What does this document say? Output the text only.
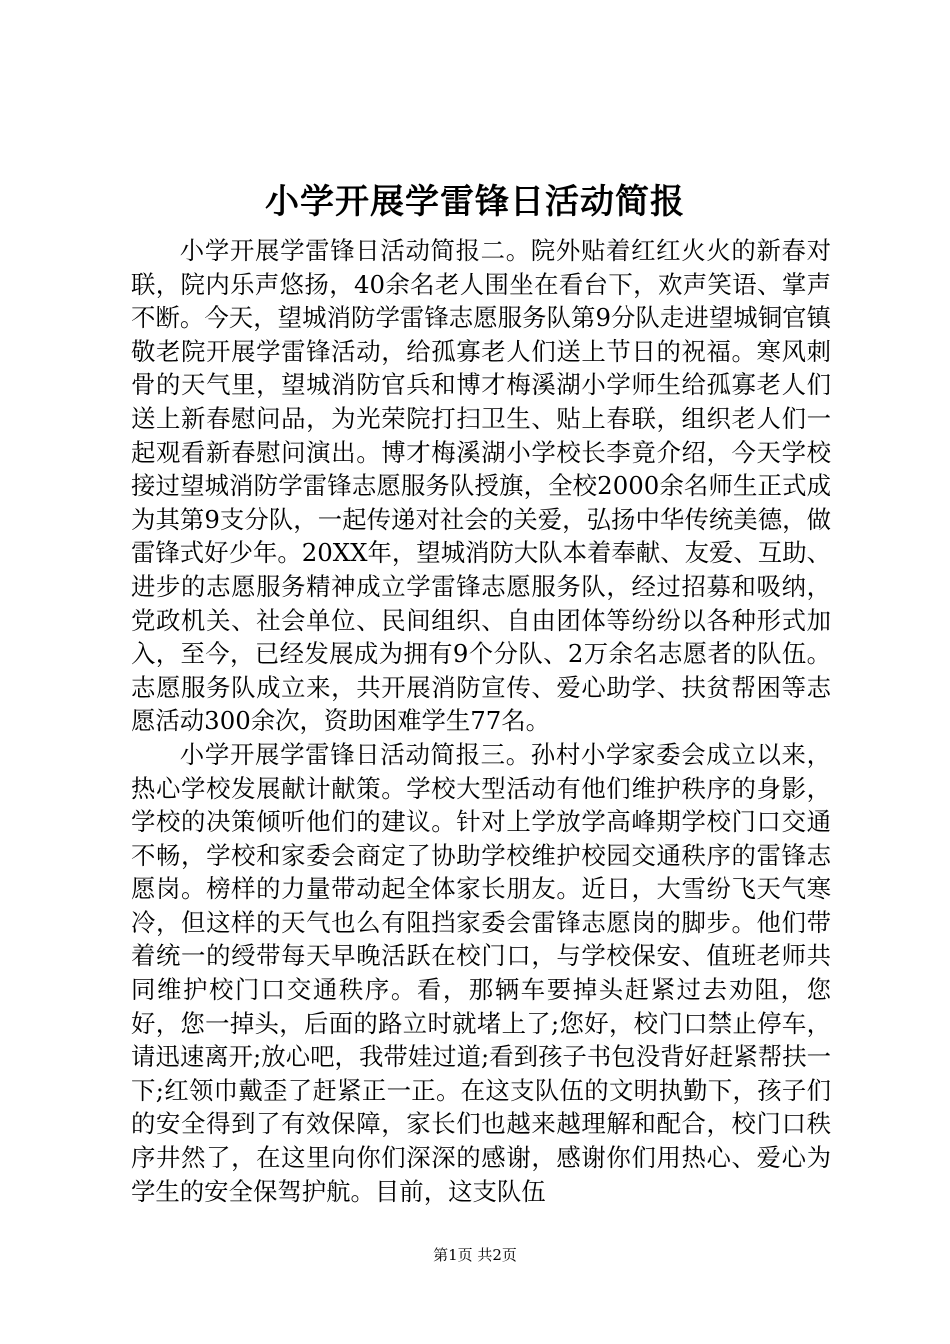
小学开展学雷锋日活动简报

小学开展学雷锋日活动简报二。院外贴着红红火火的新春对联，院内乐声悠扬，40余名老人围坐在看台下，欢声笑语、掌声不断。今天，望城消防学雷锋志愿服务队第9分队走进望城铜官镇敬老院开展学雷锋活动，给孤寡老人们送上节日的祝福。寒风刺骨的天气里，望城消防官兵和博才梅溪湖小学师生给孤寡老人们送上新春慰问品，为光荣院打扫卫生、贴上春联，组织老人们一起观看新春慰问演出。博才梅溪湖小学校长李竟介绍，今天学校接过望城消防学雷锋志愿服务队授旗，全校2000余名师生正式成为其第9支分队，一起传递对社会的关爱，弘扬中华传统美德，做雷锋式好少年。20XX年，望城消防大队本着奉献、友爱、互助、进步的志愿服务精神成立学雷锋志愿服务队，经过招募和吸纳，党政机关、社会单位、民间组织、自由团体等纷纷以各种形式加入，至今，已经发展成为拥有9个分队、2万余名志愿者的队伍。志愿服务队成立来，共开展消防宣传、爱心助学、扶贫帮困等志愿活动300余次，资助困难学生77名。

小学开展学雷锋日活动简报三。孙村小学家委会成立以来，热心学校发展献计献策。学校大型活动有他们维护秩序的身影，学校的决策倾听他们的建议。针对上学放学高峰期学校门口交通不畅，学校和家委会商定了协助学校维护校园交通秩序的雷锋志愿岗。榜样的力量带动起全体家长朋友。近日，大雪纷飞天气寒冷，但这样的天气也么有阻挡家委会雷锋志愿岗的脚步。他们带着统一的绶带每天早晚活跃在校门口，与学校保安、值班老师共同维护校门口交通秩序。看，那辆车要掉头赶紧过去劝阻，您好，您一掉头，后面的路立时就堵上了;您好，校门口禁止停车，请迅速离开;放心吧，我带娃过道;看到孩子书包没背好赶紧帮扶一下;红领巾戴歪了赶紧正一正。在这支队伍的文明执勤下，孩子们的安全得到了有效保障，家长们也越来越理解和配合，校门口秩序井然了，在这里向你们深深的感谢，感谢你们用热心、爱心为学生的安全保驾护航。目前，这支队伍

第1页 共2页
